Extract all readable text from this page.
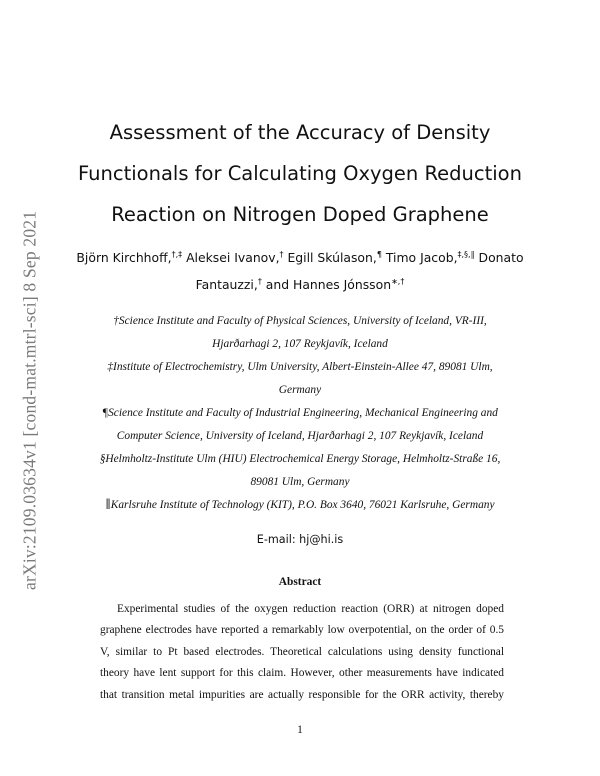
arXiv:2109.03634v1 [cond-mat.mtrl-sci] 8 Sep 2021
Assessment of the Accuracy of Density
Functionals for Calculating Oxygen Reduction
Reaction on Nitrogen Doped Graphene
Björn Kirchhoff,†,‡ Aleksei Ivanov,† Egill Skúlason,¶ Timo Jacob,‡,§,∥ Donato
Fantauzzi,† and Hannes Jónsson∗,†
†Science Institute and Faculty of Physical Sciences, University of Iceland, VR-III,
Hjarðarhagi 2, 107 Reykjavík, Iceland
‡Institute of Electrochemistry, Ulm University, Albert-Einstein-Allee 47, 89081 Ulm,
Germany
¶Science Institute and Faculty of Industrial Engineering, Mechanical Engineering and
Computer Science, University of Iceland, Hjarðarhagi 2, 107 Reykjavík, Iceland
§Helmholtz-Institute Ulm (HIU) Electrochemical Energy Storage, Helmholtz-Straße 16,
89081 Ulm, Germany
∥Karlsruhe Institute of Technology (KIT), P.O. Box 3640, 76021 Karlsruhe, Germany
E-mail: hj@hi.is
Abstract
Experimental studies of the oxygen reduction reaction (ORR) at nitrogen doped
graphene electrodes have reported a remarkably low overpotential, on the order of 0.5
V, similar to Pt based electrodes. Theoretical calculations using density functional
theory have lent support for this claim. However, other measurements have indicated
that transition metal impurities are actually responsible for the ORR activity, thereby
1
